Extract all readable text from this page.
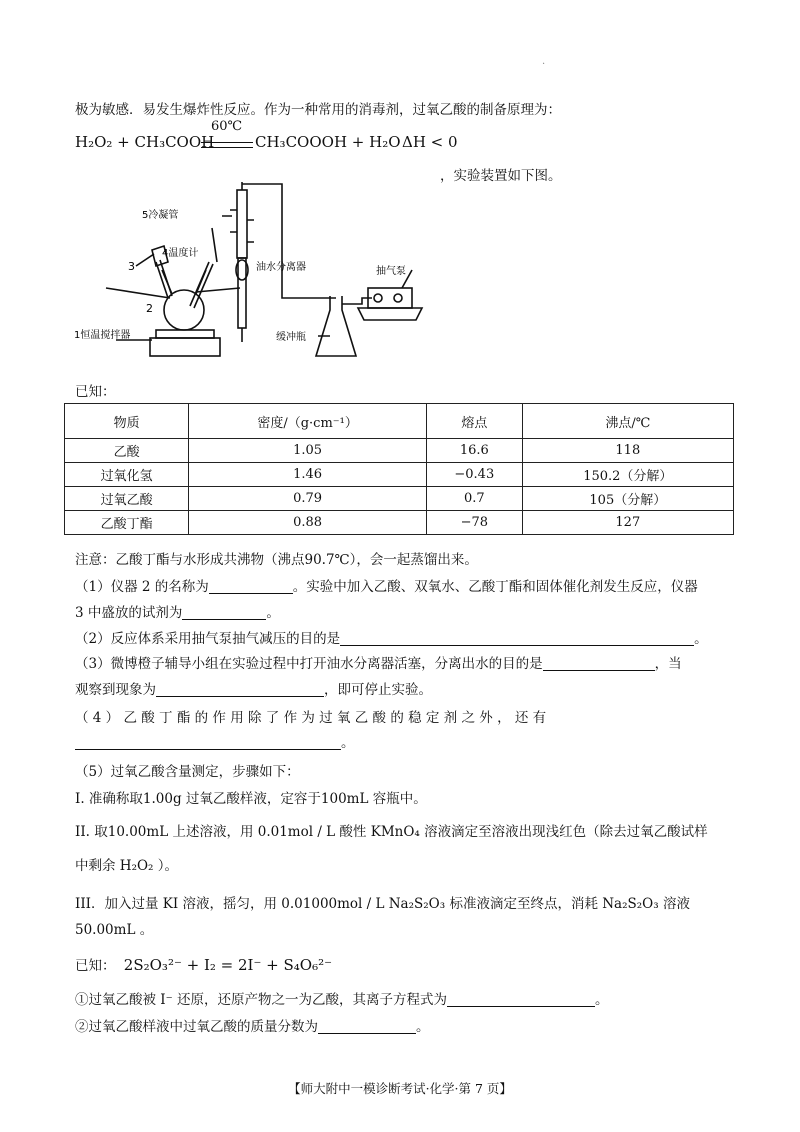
.
极为敏感．易发生爆炸性反应。作为一种常用的消毒剂，过氧乙酸的制备原理为：
60℃
H₂O₂ + CH₃COOH	CH₃COOOH + H₂O ΔH < 0
，实验装置如下图。
5冷凝管
4温度计
3
2
1恒温搅拌器
油水分离器	抽气泵
缓冲瓶
已知：
物质	密度/（g·cm⁻¹）	熔点	沸点/℃
乙酸	1.05	16.6	118
过氧化氢	1.46	−0.43	150.2（分解）
过氧乙酸	0.79	0.7	105（分解）
乙酸丁酯	0.88	−78	127
注意：乙酸丁酯与水形成共沸物（沸点90.7℃），会一起蒸馏出来。
（1）仪器 2 的名称为	。实验中加入乙酸、双氧水、乙酸丁酯和固体催化剂发生反应，仪器
3 中盛放的试剂为	。
（2）反应体系采用抽气泵抽气减压的目的是	。
（3）微博橙子辅导小组在实验过程中打开油水分离器活塞，分离出水的目的是	，当
观察到现象为	，即可停止实验。
（ 4 ） 乙 酸 丁 酯 的 作 用 除 了 作 为 过 氧 乙 酸 的 稳 定 剂 之 外 ， 还 有
。
（5）过氧乙酸含量测定，步骤如下：
I. 准确称取1.00g 过氧乙酸样液，定容于100mL 容瓶中。
II. 取10.00mL 上述溶液，用 0.01mol / L 酸性 KMnO₄ 溶液滴定至溶液出现浅红色（除去过氧乙酸试样
中剩余 H₂O₂ ）。
III．加入过量 KI 溶液，摇匀，用 0.01000mol / L Na₂S₂O₃ 标准液滴定至终点，消耗 Na₂S₂O₃ 溶液
50.00mL 。
已知： 2S₂O₃²⁻ + I₂ = 2I⁻ + S₄O₆²⁻
①过氧乙酸被 I⁻ 还原，还原产物之一为乙酸，其离子方程式为	。
②过氧乙酸样液中过氧乙酸的质量分数为	。
【师大附中一模诊断考试·化学·第 7 页】
